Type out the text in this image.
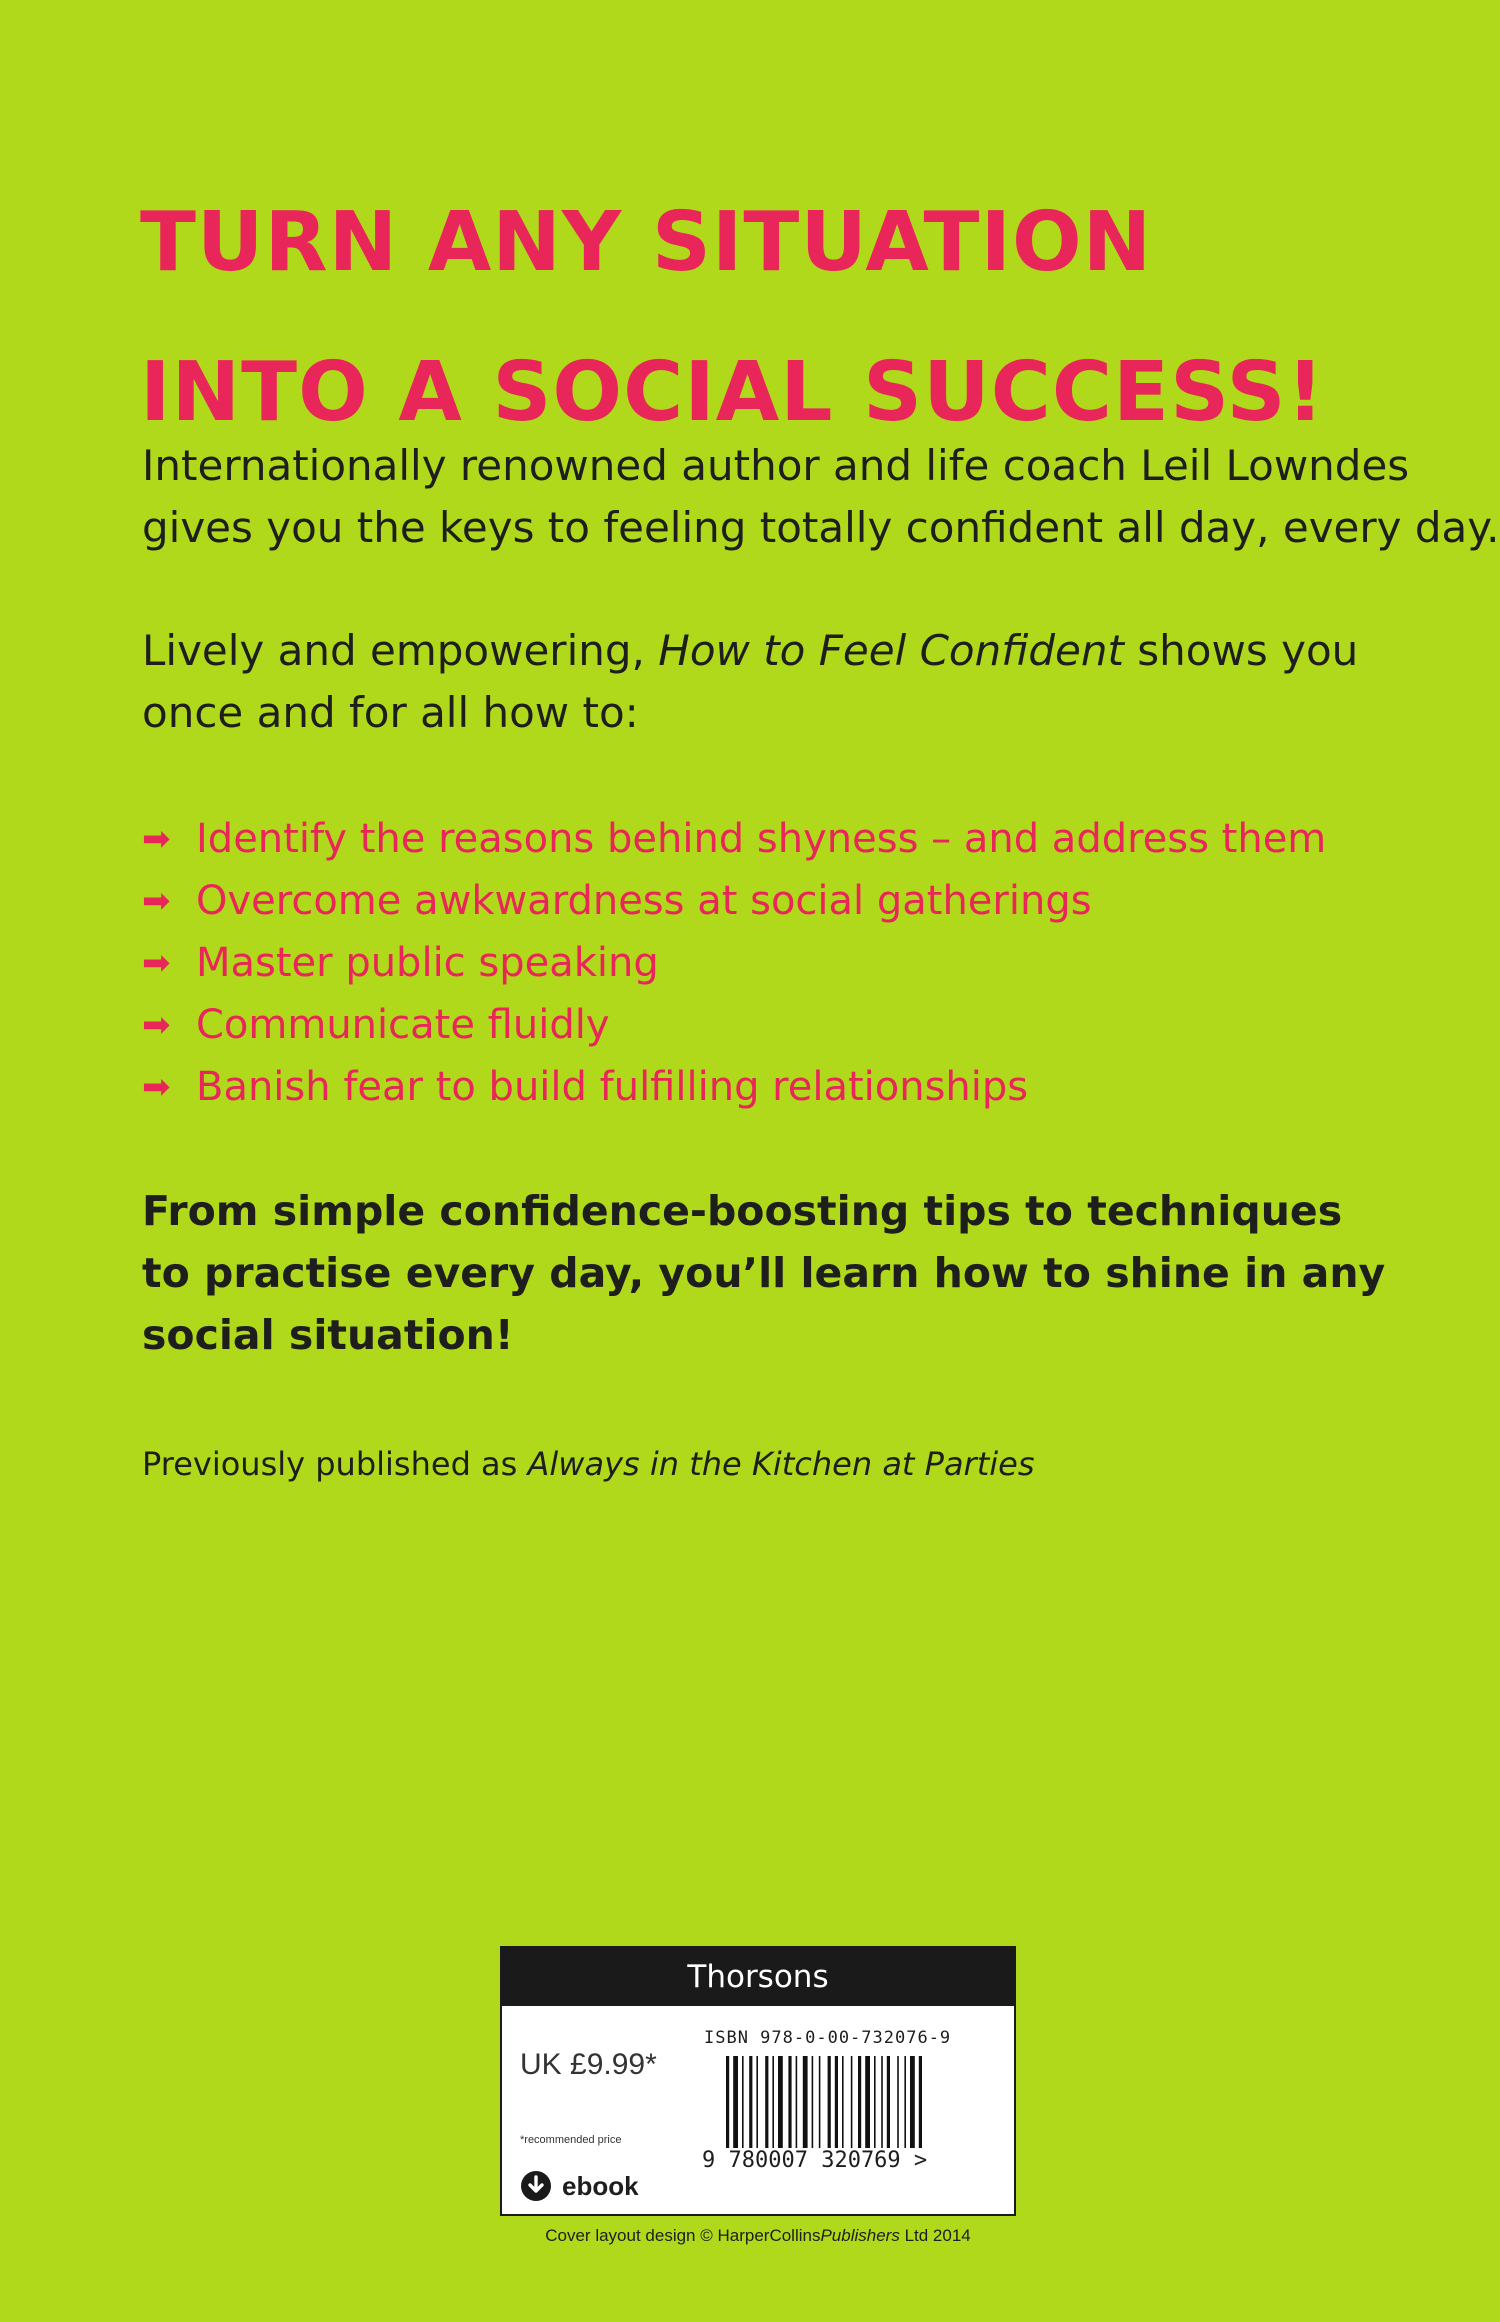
TURN ANY SITUATION
INTO A SOCIAL SUCCESS!

Internationally renowned author and life coach Leil Lowndes
gives you the keys to feeling totally confident all day, every day.

Lively and empowering, How to Feel Confident shows you
once and for all how to:

➡ Identify the reasons behind shyness – and address them
➡ Overcome awkwardness at social gatherings
➡ Master public speaking
➡ Communicate fluidly
➡ Banish fear to build fulfilling relationships

From simple confidence-boosting tips to techniques
to practise every day, you’ll learn how to shine in any
social situation!

Previously published as Always in the Kitchen at Parties

Thorsons
UK £9.99*
*recommended price
ebook
ISBN 978-0-00-732076-9
9 780007 320769 >
Cover layout design © HarperCollinsPublishers Ltd 2014
